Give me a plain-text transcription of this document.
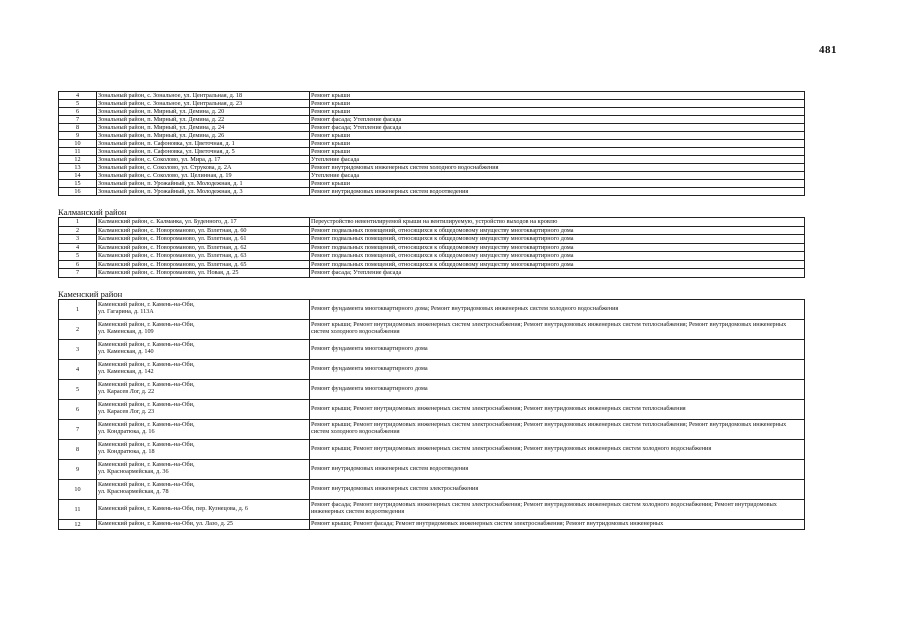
481
4	Зональный район, с. Зональное, ул. Центральная, д. 18	Ремонт крыши
5	Зональный район, с. Зональное, ул. Центральная, д. 23	Ремонт крыши
6	Зональный район, п. Мирный, ул. Демина, д. 20	Ремонт крыши
7	Зональный район, п. Мирный, ул. Демина, д. 22	Ремонт фасада; Утепление фасада
8	Зональный район, п. Мирный, ул. Демина, д. 24	Ремонт фасада; Утепление фасада
9	Зональный район, п. Мирный, ул. Демина, д. 26	Ремонт крыши
10	Зональный район, п. Сафоновка, ул. Цветочная, д. 1	Ремонт крыши
11	Зональный район, п. Сафоновка, ул. Цветочная, д. 5	Ремонт крыши
12	Зональный район, с. Соколово, ул. Мира, д. 17	Утепление фасада
13	Зональный район, с. Соколово, ул. Струкова, д. 2А	Ремонт внутридомовых инженерных систем холодного водоснабжения
14	Зональный район, с. Соколово, ул. Целинная, д. 19	Утепление фасада
15	Зональный район, п. Урожайный, ул. Молодежная, д. 1	Ремонт крыши
16	Зональный район, п. Урожайный, ул. Молодежная, д. 3	Ремонт внутридомовых инженерных систем водоотведения
Калманский район
1	Калманский район, с. Калманка, ул. Буденного, д. 17	Переустройство невентилируемой крыши на вентилируемую, устройство выходов на кровлю
2	Калманский район, с. Новороманово, ул. Взлетная, д. 60	Ремонт подвальных помещений, относящихся к общедомовому имуществу многоквартирного дома
3	Калманский район, с. Новороманово, ул. Взлетная, д. 61	Ремонт подвальных помещений, относящихся к общедомовому имуществу многоквартирного дома
4	Калманский район, с. Новороманово, ул. Взлетная, д. 62	Ремонт подвальных помещений, относящихся к общедомовому имуществу многоквартирного дома
5	Калманский район, с. Новороманово, ул. Взлетная, д. 63	Ремонт подвальных помещений, относящихся к общедомовому имуществу многоквартирного дома
6	Калманский район, с. Новороманово, ул. Взлетная, д. 65	Ремонт подвальных помещений, относящихся к общедомовому имуществу многоквартирного дома
7	Калманский район, с. Новороманово, ул. Новая, д. 25	Ремонт фасада; Утепление фасада
Каменский район
1	Каменский район, г. Камень-на-Оби,
ул. Гагарина, д. 113А	Ремонт фундамента многоквартирного дома; Ремонт внутридомовых инженерных систем холодного водоснабжения
2	Каменский район, г. Камень-на-Оби,
ул. Каменская, д. 109	Ремонт крыши; Ремонт внутридомовых инженерных систем электроснабжения; Ремонт внутридомовых инженерных систем теплоснабжения; Ремонт внутридомовых инженерных систем холодного водоснабжения
3	Каменский район, г. Камень-на-Оби,
ул. Каменская, д. 140	Ремонт фундамента многоквартирного дома
4	Каменский район, г. Камень-на-Оби,
ул. Каменская, д. 142	Ремонт фундамента многоквартирного дома
5	Каменский район, г. Камень-на-Оби,
ул. Карасев Лог, д. 22	Ремонт фундамента многоквартирного дома
6	Каменский район, г. Камень-на-Оби,
ул. Карасев Лог, д. 23	Ремонт крыши; Ремонт внутридомовых инженерных систем электроснабжения; Ремонт внутридомовых инженерных систем теплоснабжения
7	Каменский район, г. Камень-на-Оби,
ул. Кондратюка, д. 16	Ремонт крыши; Ремонт внутридомовых инженерных систем электроснабжения; Ремонт внутридомовых инженерных систем теплоснабжения; Ремонт внутридомовых инженерных систем холодного водоснабжения
8	Каменский район, г. Камень-на-Оби,
ул. Кондратюка, д. 18	Ремонт крыши; Ремонт внутридомовых инженерных систем электроснабжения; Ремонт внутридомовых инженерных систем холодного водоснабжения
9	Каменский район, г. Камень-на-Оби,
ул. Красноармейская, д. 36	Ремонт внутридомовых инженерных систем водоотведения
10	Каменский район, г. Камень-на-Оби,
ул. Красноармейская, д. 78	Ремонт внутридомовых инженерных систем электроснабжения
11	Каменский район, г. Камень-на-Оби, пер. Кузнецова, д. 6	Ремонт фасада; Ремонт внутридомовых инженерных систем электроснабжения; Ремонт внутридомовых инженерных систем холодного водоснабжения; Ремонт внутридомовых инженерных систем водоотведения
12	Каменский район, г. Камень-на-Оби, ул. Лазо, д. 25	Ремонт крыши; Ремонт фасада; Ремонт внутридомовых инженерных систем электроснабжения; Ремонт внутридомовых инженерных
